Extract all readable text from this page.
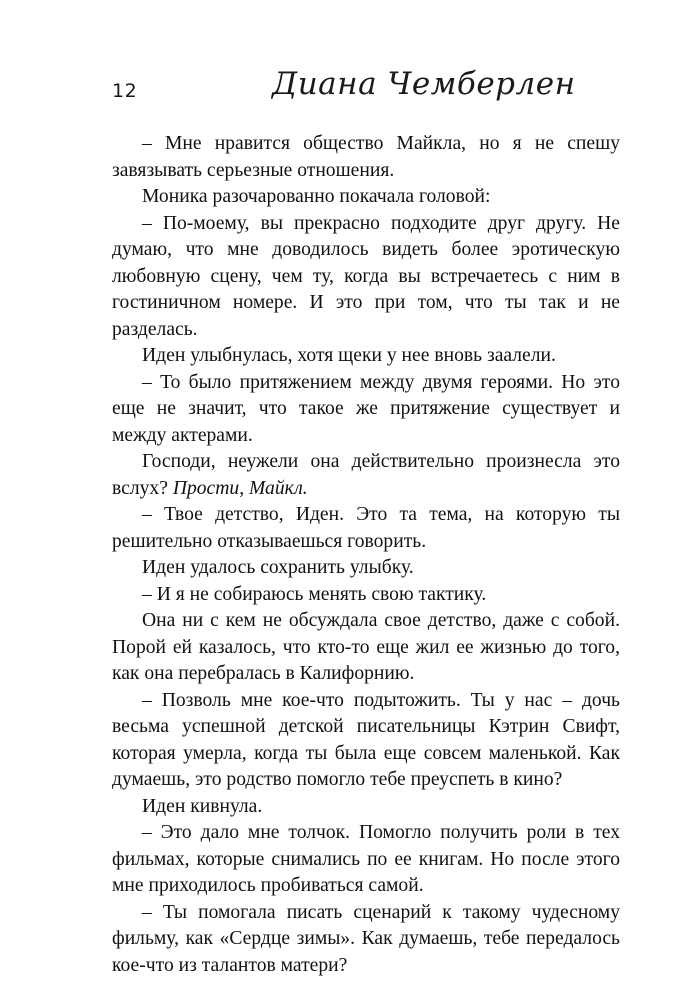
12	Диана Чемберлен

– Мне нравится общество Майкла, но я не спешу завязывать серьезные отношения.

Моника разочарованно покачала головой:

– По-моему, вы прекрасно подходите друг другу. Не думаю, что мне доводилось видеть более эротическую любовную сцену, чем ту, когда вы встречаетесь с ним в гостиничном номере. И это при том, что ты так и не разделась.

Иден улыбнулась, хотя щеки у нее вновь заалели.

– То было притяжением между двумя героями. Но это еще не значит, что такое же притяжение существует и между актерами.

Господи, неужели она действительно произнесла это вслух? Прости, Майкл.

– Твое детство, Иден. Это та тема, на которую ты решительно отказываешься говорить.

Иден удалось сохранить улыбку.

– И я не собираюсь менять свою тактику.

Она ни с кем не обсуждала свое детство, даже с собой. Порой ей казалось, что кто-то еще жил ее жизнью до того, как она перебралась в Калифорнию.

– Позволь мне кое-что подытожить. Ты у нас – дочь весьма успешной детской писательницы Кэтрин Свифт, которая умерла, когда ты была еще совсем маленькой. Как думаешь, это родство помогло тебе преуспеть в кино?

Иден кивнула.

– Это дало мне толчок. Помогло получить роли в тех фильмах, которые снимались по ее книгам. Но после этого мне приходилось пробиваться самой.

– Ты помогала писать сценарий к такому чудесному фильму, как «Сердце зимы». Как думаешь, тебе передалось кое-что из талантов матери?
